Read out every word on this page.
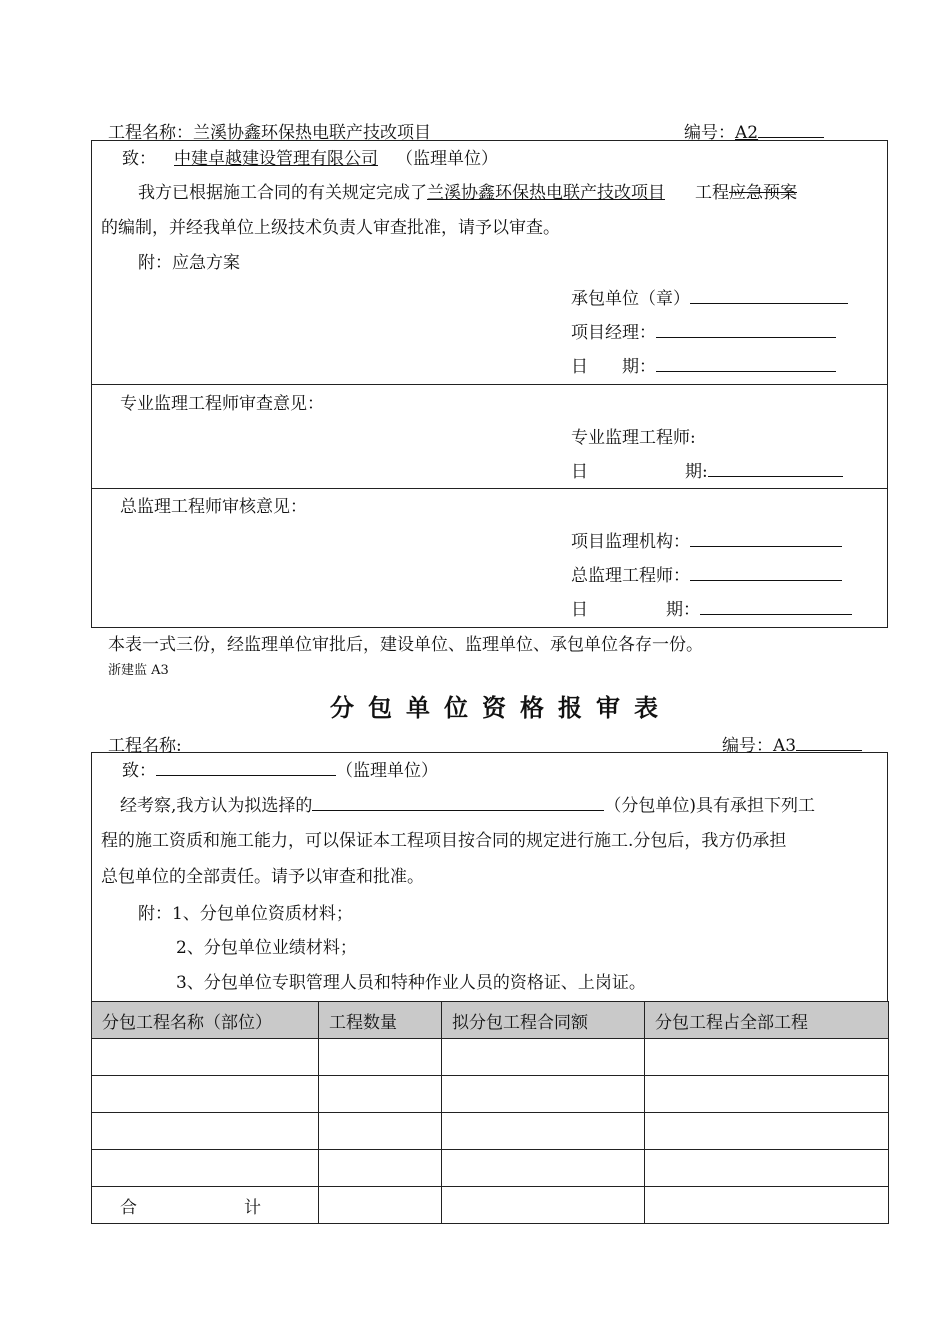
工程名称：兰溪协鑫环保热电联产技改项目	编号：A2
致： 中建卓越建设管理有限公司 （监理单位）
我方已根据施工合同的有关规定完成了兰溪协鑫环保热电联产技改项目 工程应急预案
的编制，并经我单位上级技术负责人审查批准，请予以审查。
附：应急方案
承包单位（章）
项目经理：
日　　期：
专业监理工程师审查意见：
专业监理工程师:
日	期:
总监理工程师审核意见：
项目监理机构：
总监理工程师：
日	期：
本表一式三份，经监理单位审批后，建设单位、监理单位、承包单位各存一份。
浙建监 A3
分包单位资格报审表
工程名称:	编号：A3
致：	（监理单位）
经考察,我方认为拟选择的	（分包单位)具有承担下列工
程的施工资质和施工能力，可以保证本工程项目按合同的规定进行施工.分包后，我方仍承担
总包单位的全部责任。请予以审查和批准。
附：1、分包单位资质材料；
2、分包单位业绩材料；
3、分包单位专职管理人员和特种作业人员的资格证、上岗证。
分包工程名称（部位）	工程数量	拟分包工程合同额	分包工程占全部工程

合 计			
